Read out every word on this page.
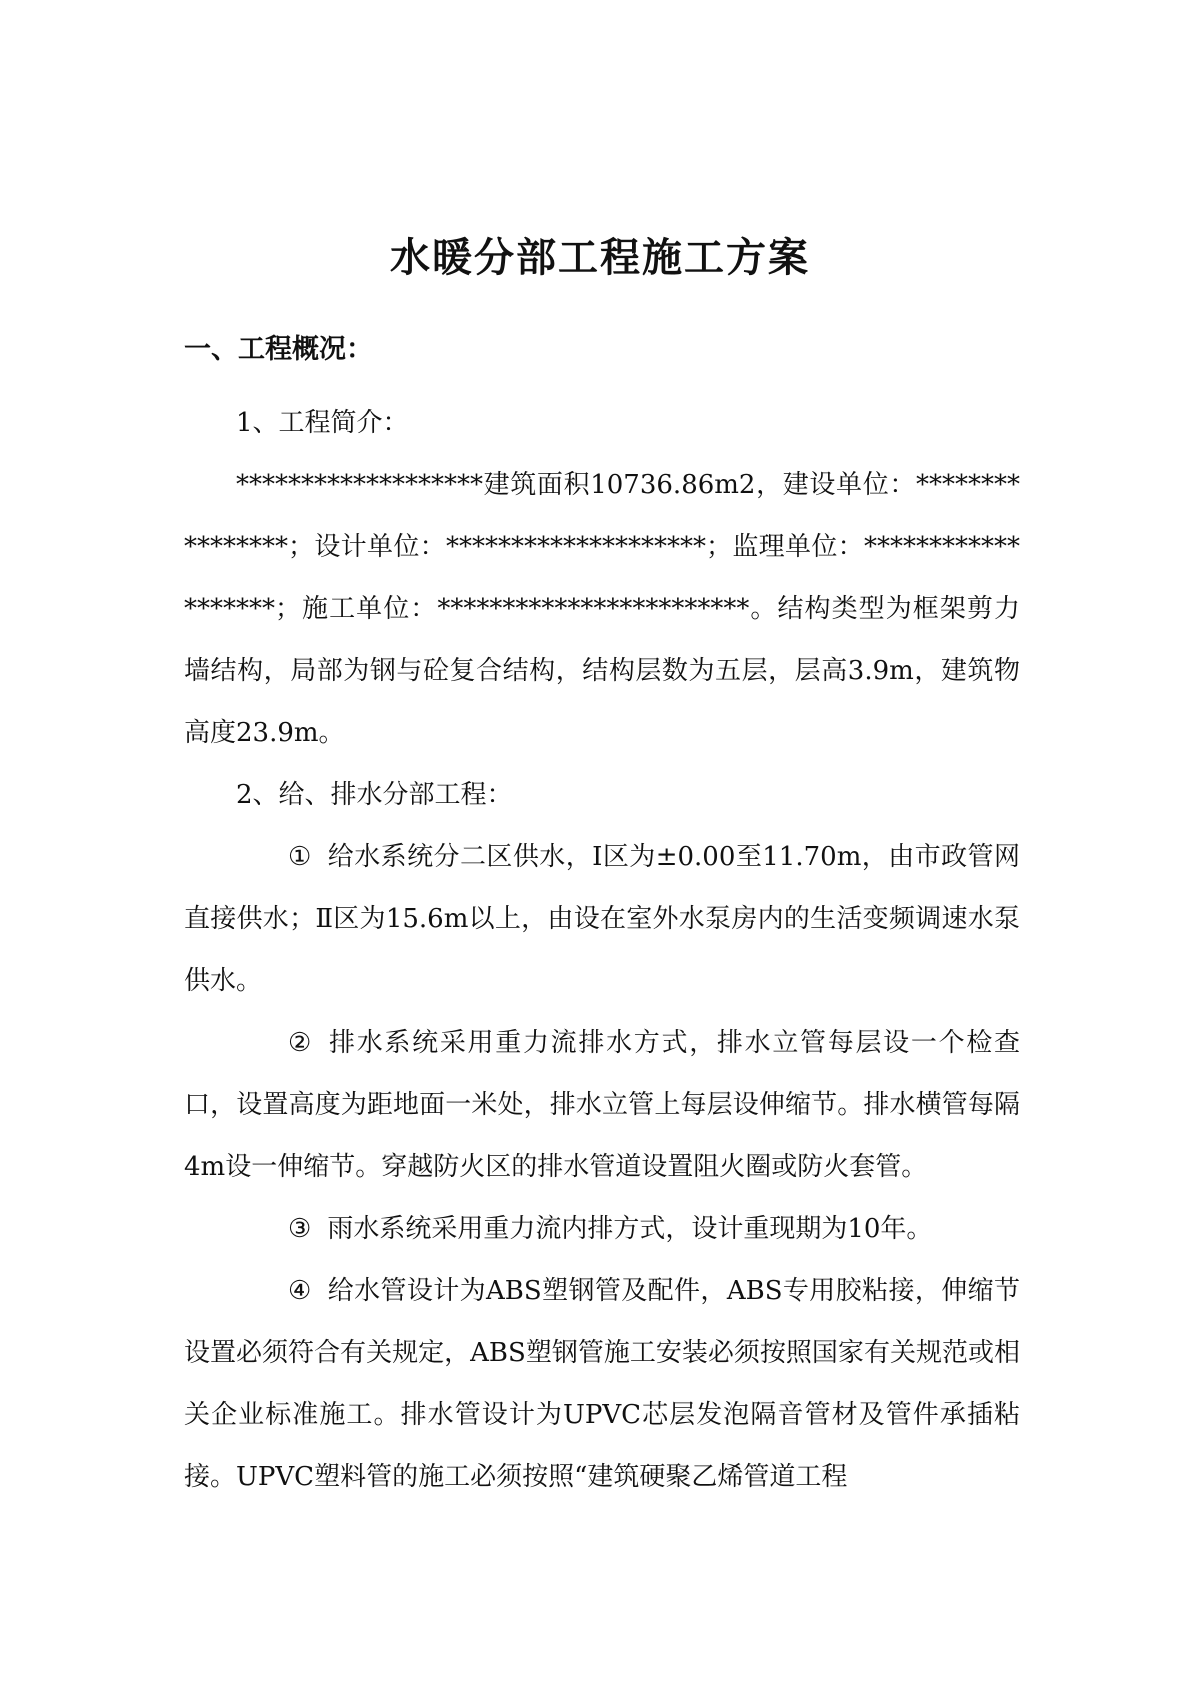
水暖分部工程施工方案
一、工程概况：

1、工程简介：

*******************建筑面积10736.86m2，建设单位：****************；设计单位：********************；监理单位：*******************；施工单位：************************。结构类型为框架剪力墙结构，局部为钢与砼复合结构，结构层数为五层，层高3.9m，建筑物高度23.9m。

2、给、排水分部工程：

① 给水系统分二区供水，Ⅰ区为±0.00至11.70m，由市政管网直接供水；Ⅱ区为15.6m以上，由设在室外水泵房内的生活变频调速水泵供水。

② 排水系统采用重力流排水方式，排水立管每层设一个检查口，设置高度为距地面一米处，排水立管上每层设伸缩节。排水横管每隔4m设一伸缩节。穿越防火区的排水管道设置阻火圈或防火套管。

③ 雨水系统采用重力流内排方式，设计重现期为10年。

④ 给水管设计为ABS塑钢管及配件，ABS专用胶粘接，伸缩节设置必须符合有关规定，ABS塑钢管施工安装必须按照国家有关规范或相关企业标准施工。排水管设计为UPVC芯层发泡隔音管材及管件承插粘接。UPVC塑料管的施工必须按照“建筑硬聚乙烯管道工程
